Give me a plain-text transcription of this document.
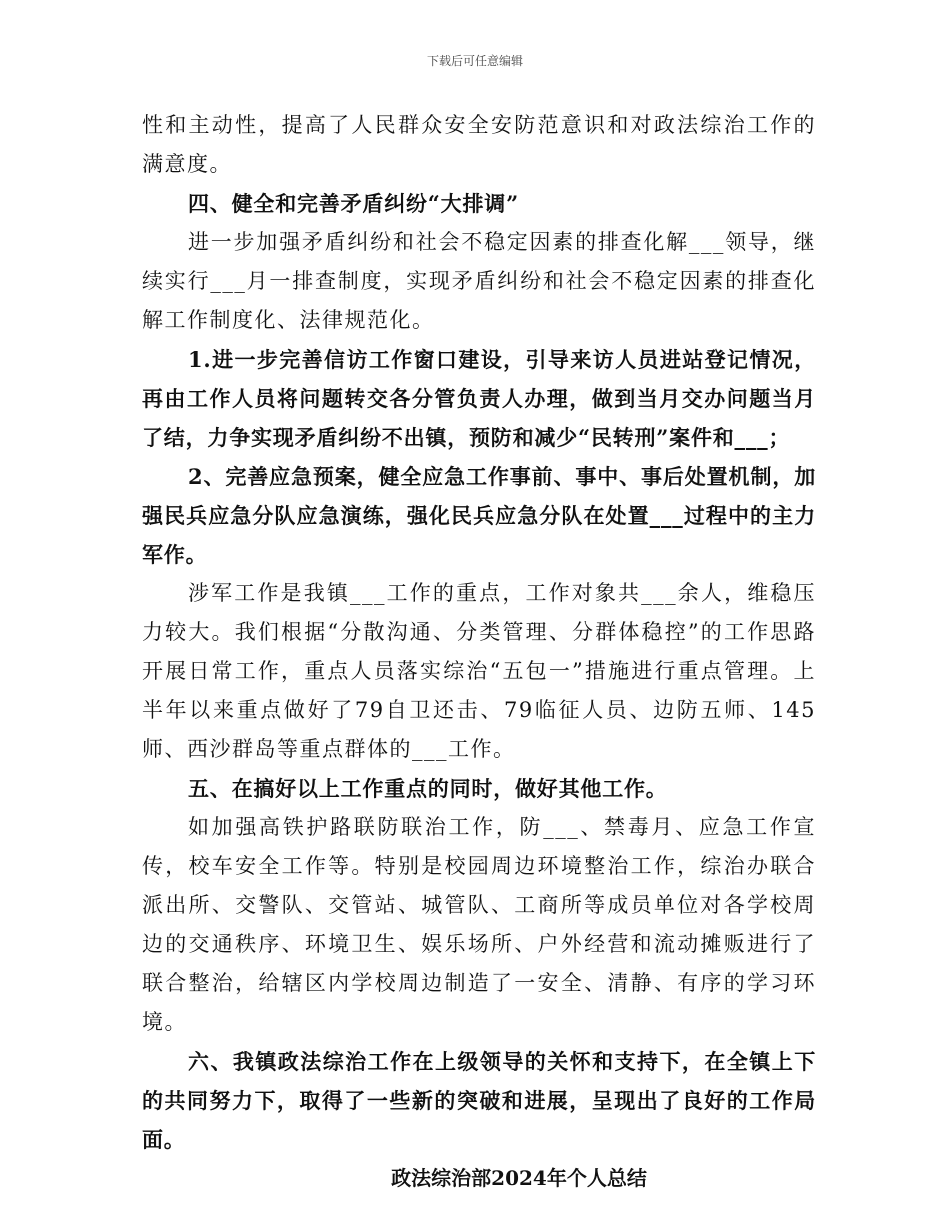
下载后可任意编辑

性和主动性，提高了人民群众安全安防范意识和对政法综治工作的满意度。

四、健全和完善矛盾纠纷“大排调”

进一步加强矛盾纠纷和社会不稳定因素的排查化解___领导，继续实行___月一排查制度，实现矛盾纠纷和社会不稳定因素的排查化解工作制度化、法律规范化。

1.进一步完善信访工作窗口建设，引导来访人员进站登记情况，再由工作人员将问题转交各分管负责人办理，做到当月交办问题当月了结，力争实现矛盾纠纷不出镇，预防和减少“民转刑”案件和___；

2、完善应急预案，健全应急工作事前、事中、事后处置机制，加强民兵应急分队应急演练，强化民兵应急分队在处置___过程中的主力军作。

涉军工作是我镇___工作的重点，工作对象共___余人，维稳压力较大。我们根据“分散沟通、分类管理、分群体稳控”的工作思路开展日常工作，重点人员落实综治“五包一”措施进行重点管理。上半年以来重点做好了79自卫还击、79临征人员、边防五师、145师、西沙群岛等重点群体的___工作。

五、在搞好以上工作重点的同时，做好其他工作。

如加强高铁护路联防联治工作，防___、禁毒月、应急工作宣传，校车安全工作等。特别是校园周边环境整治工作，综治办联合派出所、交警队、交管站、城管队、工商所等成员单位对各学校周边的交通秩序、环境卫生、娱乐场所、户外经营和流动摊贩进行了联合整治，给辖区内学校周边制造了一安全、清静、有序的学习环境。

六、我镇政法综治工作在上级领导的关怀和支持下，在全镇上下的共同努力下，取得了一些新的突破和进展，呈现出了良好的工作局面。

政法综治部2024年个人总结
